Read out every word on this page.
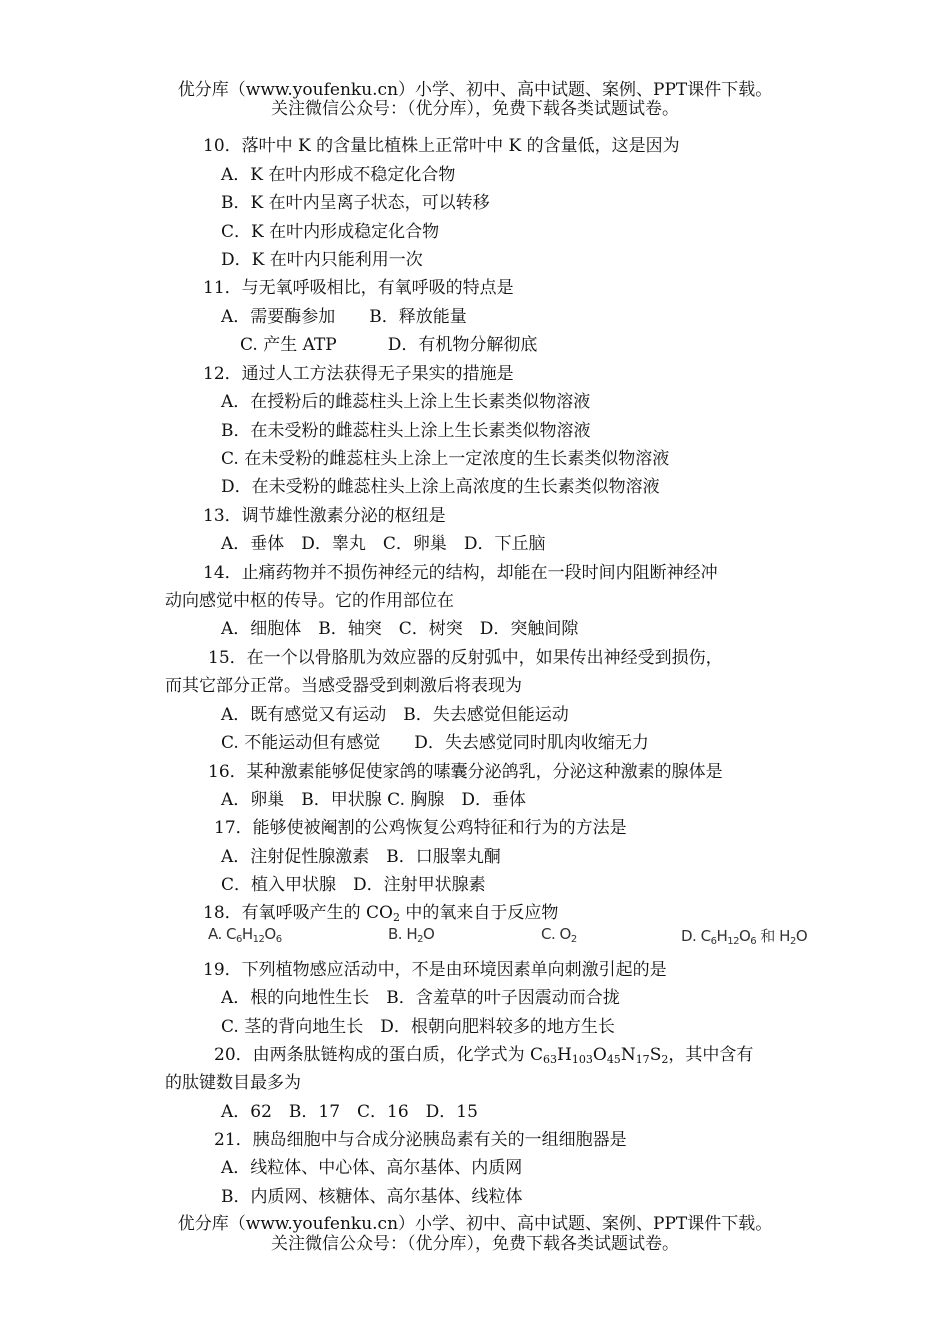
优分库（www.youfenku.cn）小学、初中、高中试题、案例、PPT课件下载。
关注微信公众号：（优分库），免费下载各类试题试卷。
10．落叶中 K 的含量比植株上正常叶中 K 的含量低，这是因为
A．K 在叶内形成不稳定化合物
B．K 在叶内呈离子状态，可以转移
C．K 在叶内形成稳定化合物
D．K 在叶内只能利用一次
11．与无氧呼吸相比，有氧呼吸的特点是
A．需要酶参加　　B．释放能量
C. 产生 ATP　　　D．有机物分解彻底
12．通过人工方法获得无子果实的措施是
A．在授粉后的雌蕊柱头上涂上生长素类似物溶液
B．在未受粉的雌蕊柱头上涂上生长素类似物溶液
C. 在未受粉的雌蕊柱头上涂上一定浓度的生长素类似物溶液
D．在未受粉的雌蕊柱头上涂上高浓度的生长素类似物溶液
13．调节雄性激素分泌的枢纽是
A．垂体　D．睾丸　C．卵巢　D．下丘脑
14．止痛药物并不损伤神经元的结构，却能在一段时间内阻断神经冲
动向感觉中枢的传导。它的作用部位在
A．细胞体　B．轴突　C．树突　D．突触间隙
15．在一个以骨胳肌为效应器的反射弧中，如果传出神经受到损伤，
而其它部分正常。当感受器受到刺激后将表现为
A．既有感觉又有运动　B．失去感觉但能运动
C. 不能运动但有感觉　　D．失去感觉同时肌肉收缩无力
16．某种激素能够促使家鸽的嗉囊分泌鸽乳，分泌这种激素的腺体是
A．卵巢　B．甲状腺 C. 胸腺　D．垂体
17．能够使被阉割的公鸡恢复公鸡特征和行为的方法是
A．注射促性腺激素　B．口服睾丸酮
C．植入甲状腺　D．注射甲状腺素
18．有氧呼吸产生的 $CO_2$ 中的氧来自于反应物
A. $C_6H_{12}O_6$	B. $H_2O$	C. $O_2$	D. $C_6H_{12}O_6$ 和 $H_2O$
19．下列植物感应活动中，不是由环境因素单向刺激引起的是
A．根的向地性生长　B．含羞草的叶子因震动而合拢
C. 茎的背向地生长　D．根朝向肥料较多的地方生长
20．由两条肽链构成的蛋白质，化学式为 $C_{63}H_{103}O_{45}N_{17}S_2$，其中含有
的肽键数目最多为
A．62　B．17　C．16　D．15
21．胰岛细胞中与合成分泌胰岛素有关的一组细胞器是
A．线粒体、中心体、高尔基体、内质网
B．内质网、核糖体、高尔基体、线粒体
优分库（www.youfenku.cn）小学、初中、高中试题、案例、PPT课件下载。
关注微信公众号：（优分库），免费下载各类试题试卷。
